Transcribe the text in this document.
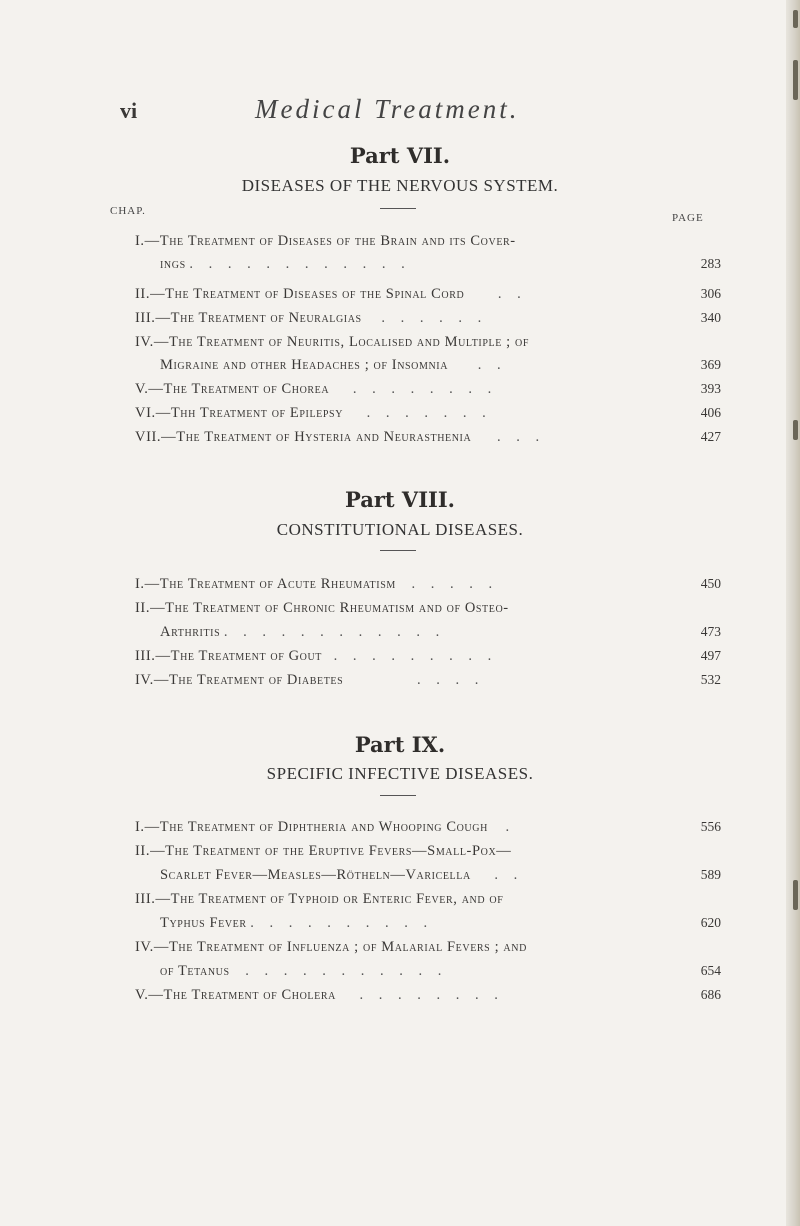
vi	Medical Treatment.
Part VII.
DISEASES OF THE NERVOUS SYSTEM.
CHAP.
PAGE
I.—The Treatment of Diseases of the Brain and its Cover-
ings . . . . . . . . . . . .	283
II.—The Treatment of Diseases of the Spinal Cord . .	306
III.—The Treatment of Neuralgias . . . . . .	340
IV.—The Treatment of Neuritis, Localised and Multiple ; of
Migraine and other Headaches ; of Insomnia . .	369
V.—The Treatment of Chorea . . . . . . . .	393
VI.—Thh Treatment of Epilepsy . . . . . . .	406
VII.—The Treatment of Hysteria and Neurasthenia . . .	427
Part VIII.
CONSTITUTIONAL DISEASES.
I.—The Treatment of Acute Rheumatism . . . . .	450
II.—The Treatment of Chronic Rheumatism and of Osteo-
Arthritis . . . . . . . . . . . .	473
III.—The Treatment of Gout . . . . . . . . .	497
IV.—The Treatment of Diabetes	. . . .	532
Part IX.
SPECIFIC INFECTIVE DISEASES.
I.—The Treatment of Diphtheria and Whooping Cough .	556
II.—The Treatment of the Eruptive Fevers—Small-Pox—
Scarlet Fever—Measles—Rötheln—Varicella . .	589
III.—The Treatment of Typhoid or Enteric Fever, and of
Typhus Fever . . . . . . . . . .	620
IV.—The Treatment of Influenza ; of Malarial Fevers ; and
of Tetanus . . . . . . . . . . .	654
V.—The Treatment of Cholera . . . . . . . .	686
